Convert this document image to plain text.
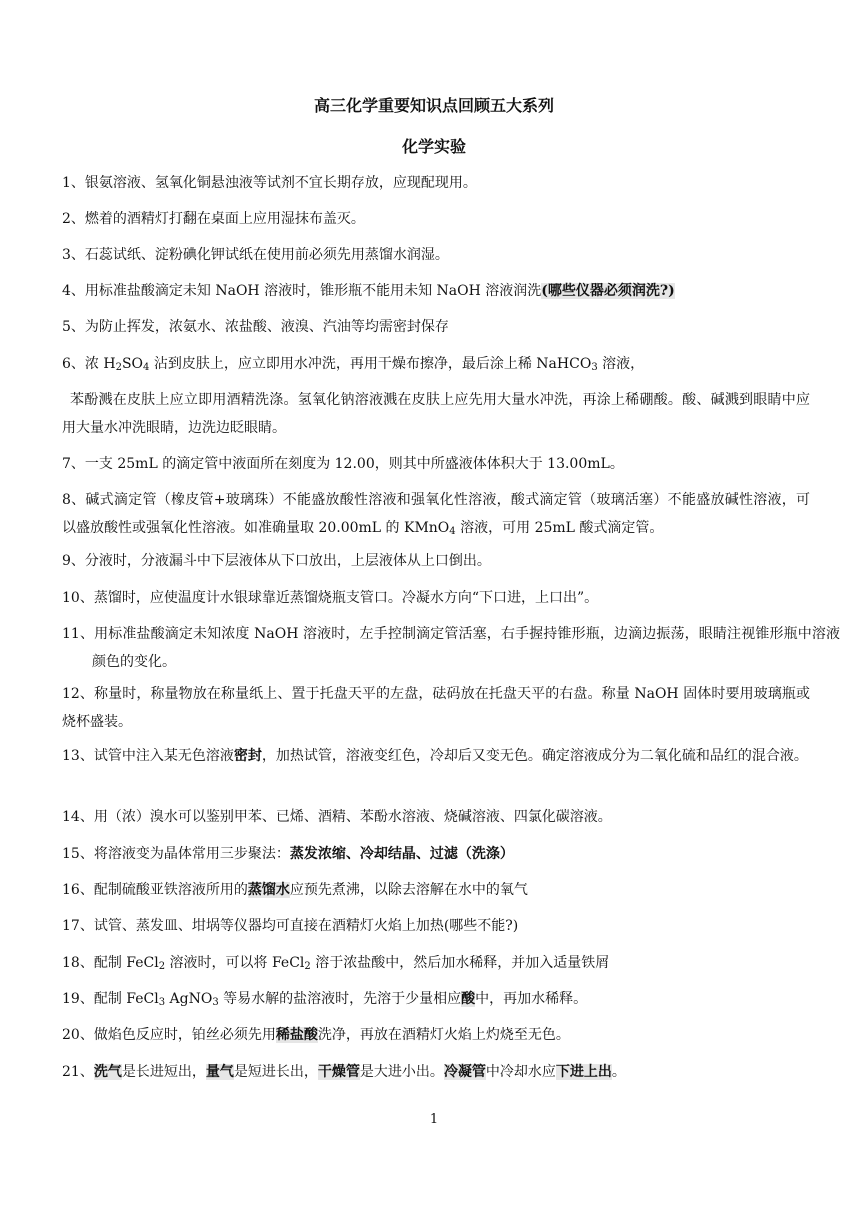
高三化学重要知识点回顾五大系列
化学实验

1、银氨溶液、氢氧化铜悬浊液等试剂不宜长期存放，应现配现用。

2、燃着的酒精灯打翻在桌面上应用湿抹布盖灭。

3、石蕊试纸、淀粉碘化钾试纸在使用前必须先用蒸馏水润湿。

4、用标准盐酸滴定未知 NaOH 溶液时，锥形瓶不能用未知 NaOH 溶液润洗(哪些仪器必须润洗?)

5、为防止挥发，浓氨水、浓盐酸、液溴、汽油等均需密封保存

6、浓 $H_2SO_4$ 沾到皮肤上，应立即用水冲洗，再用干燥布擦净，最后涂上稀 NaHCO$_3$ 溶液，

苯酚溅在皮肤上应立即用酒精洗涤。氢氧化钠溶液溅在皮肤上应先用大量水冲洗，再涂上稀硼酸。酸、碱溅到眼睛中应用大量水冲洗眼睛，边洗边眨眼睛。

7、一支 25mL 的滴定管中液面所在刻度为 12.00，则其中所盛液体体积大于 13.00mL。

8、碱式滴定管（橡皮管+玻璃珠）不能盛放酸性溶液和强氧化性溶液，酸式滴定管（玻璃活塞）不能盛放碱性溶液，可以盛放酸性或强氧化性溶液。如准确量取 20.00mL 的 KMnO$_4$ 溶液，可用 25mL 酸式滴定管。

9、分液时，分液漏斗中下层液体从下口放出，上层液体从上口倒出。

10、蒸馏时，应使温度计水银球靠近蒸馏烧瓶支管口。冷凝水方向“下口进，上口出”。

11、用标准盐酸滴定未知浓度 NaOH 溶液时，左手控制滴定管活塞，右手握持锥形瓶，边滴边振荡，眼睛注视锥形瓶中溶液颜色的变化。

12、称量时，称量物放在称量纸上、置于托盘天平的左盘，砝码放在托盘天平的右盘。称量 NaOH 固体时要用玻璃瓶或烧杯盛装。

13、试管中注入某无色溶液密封，加热试管，溶液变红色，冷却后又变无色。确定溶液成分为二氧化硫和品红的混合液。

14、用（浓）溴水可以鉴别甲苯、已烯、酒精、苯酚水溶液、烧碱溶液、四氯化碳溶液。

15、将溶液变为晶体常用三步聚法：蒸发浓缩、冷却结晶、过滤（洗涤）

16、配制硫酸亚铁溶液所用的蒸馏水应预先煮沸，以除去溶解在水中的氧气

17、试管、蒸发皿、坩埚等仪器均可直接在酒精灯火焰上加热(哪些不能?)

18、配制 FeCl$_2$ 溶液时，可以将 FeCl$_2$ 溶于浓盐酸中，然后加水稀释，并加入适量铁屑

19、配制 FeCl$_3$ AgNO$_3$ 等易水解的盐溶液时，先溶于少量相应酸中，再加水稀释。

20、做焰色反应时，铂丝必须先用稀盐酸洗净，再放在酒精灯火焰上灼烧至无色。

21、洗气是长进短出，量气是短进长出，干燥管是大进小出。冷凝管中冷却水应下进上出。

1
